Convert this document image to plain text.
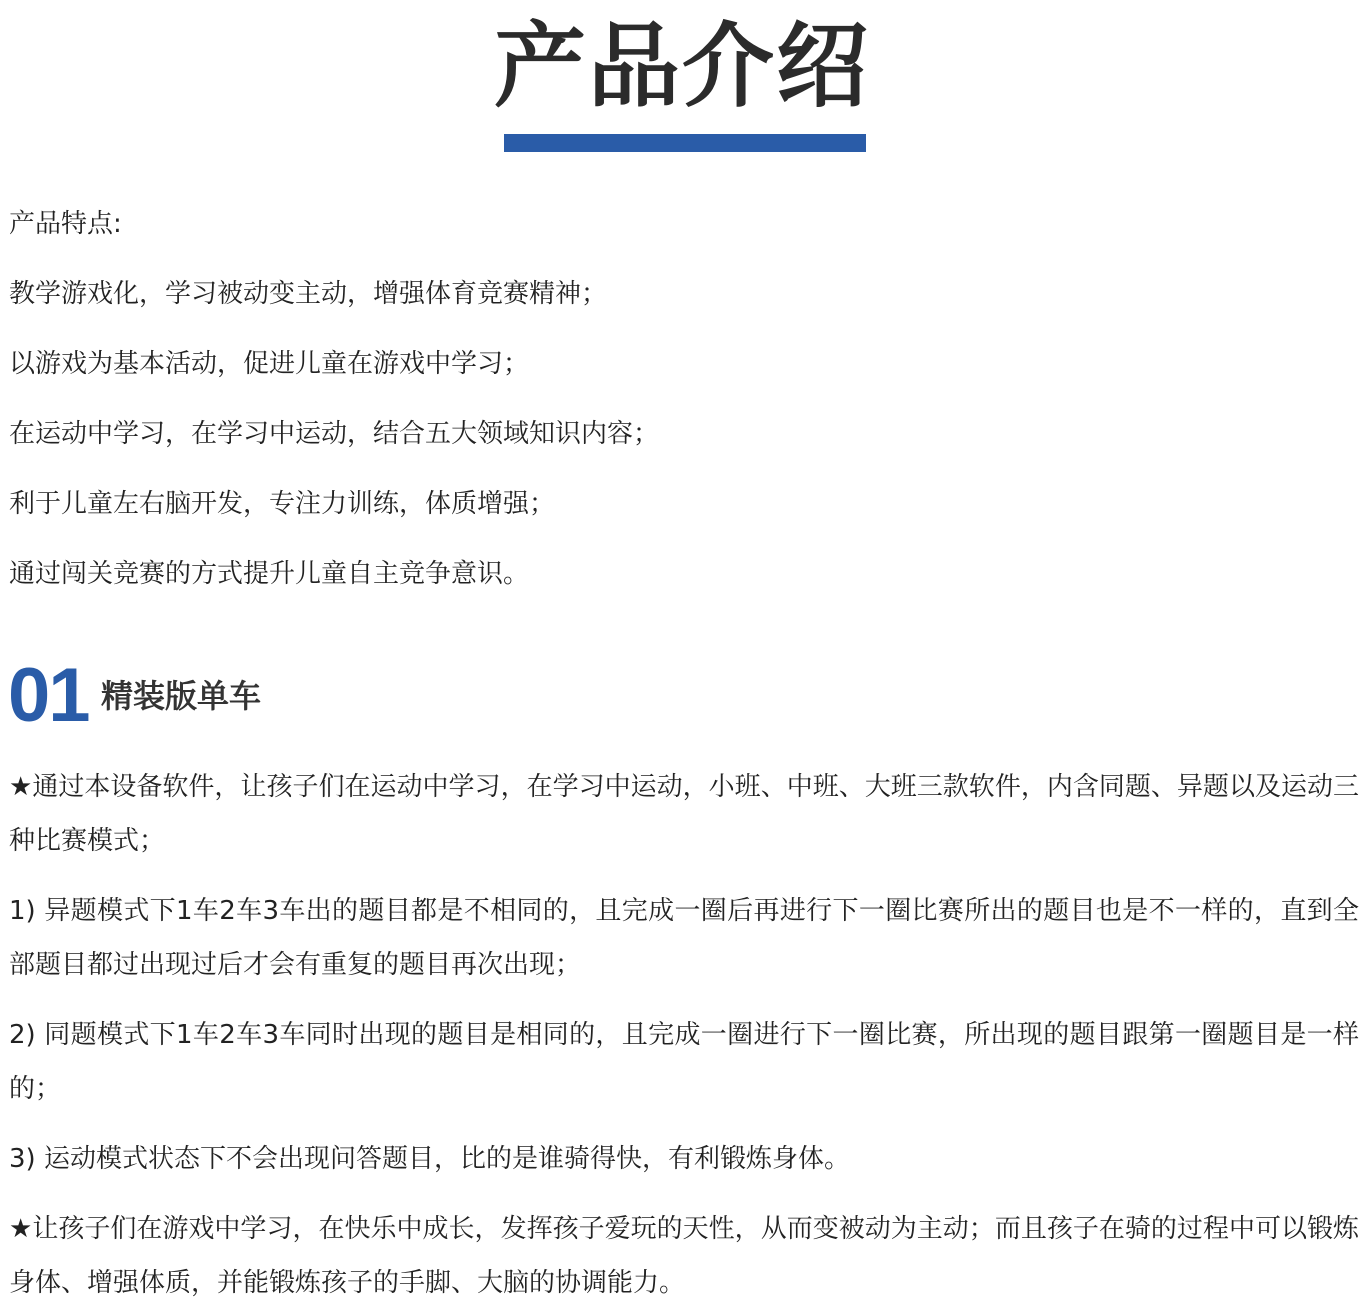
产品介绍
产品特点:
教学游戏化，学习被动变主动，增强体育竞赛精神；
以游戏为基本活动，促进儿童在游戏中学习；
在运动中学习，在学习中运动，结合五大领域知识内容；
利于儿童左右脑开发，专注力训练，体质增强；
通过闯关竞赛的方式提升儿童自主竞争意识。
01 精装版单车
★通过本设备软件，让孩子们在运动中学习，在学习中运动，小班、中班、大班三款软件，内含同题、异题以及运动三种比赛模式；
1) 异题模式下1车2车3车出的题目都是不相同的，且完成一圈后再进行下一圈比赛所出的题目也是不一样的，直到全部题目都过出现过后才会有重复的题目再次出现；
2) 同题模式下1车2车3车同时出现的题目是相同的，且完成一圈进行下一圈比赛，所出现的题目跟第一圈题目是一样的；
3) 运动模式状态下不会出现问答题目，比的是谁骑得快，有利锻炼身体。
★让孩子们在游戏中学习，在快乐中成长，发挥孩子爱玩的天性，从而变被动为主动；而且孩子在骑的过程中可以锻炼身体、增强体质，并能锻炼孩子的手脚、大脑的协调能力。
